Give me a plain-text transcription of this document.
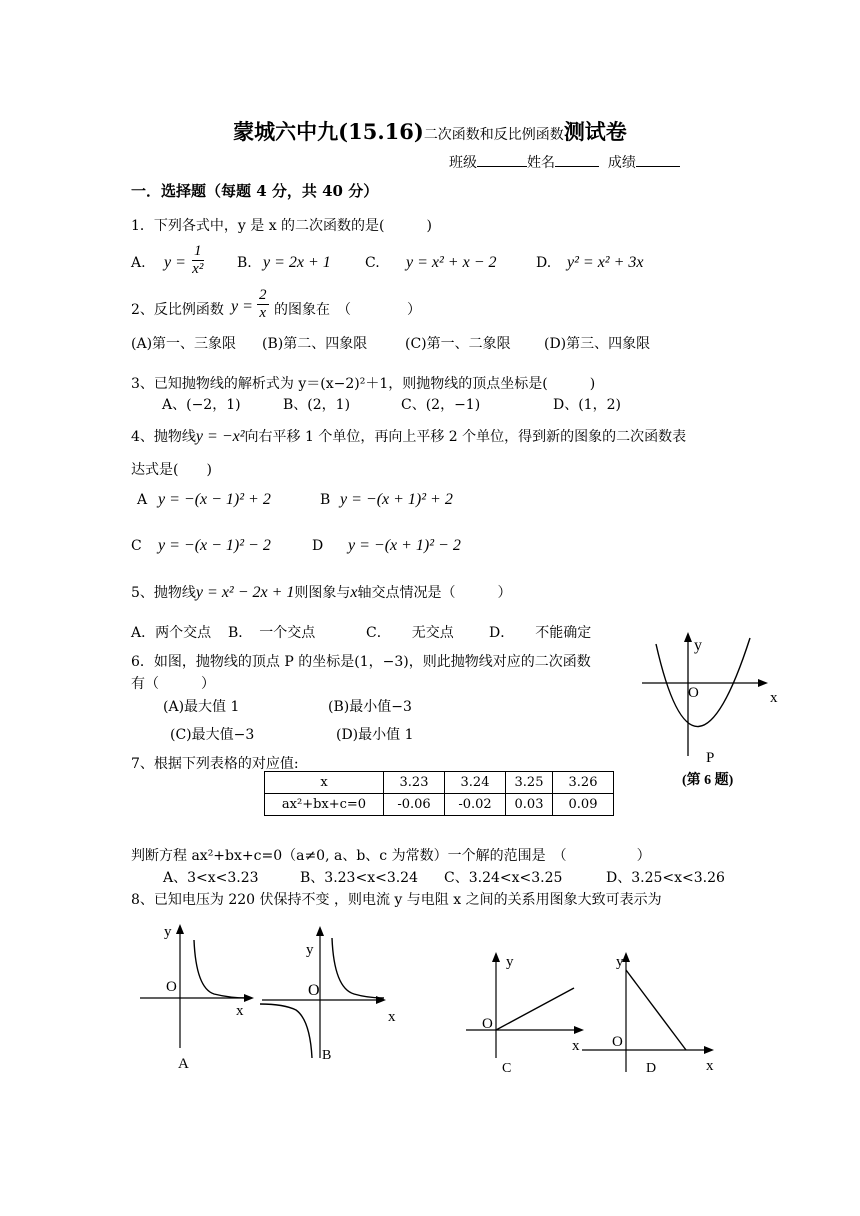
蒙城六中九(15.16)二次函数和反比例函数测试卷
班级	姓名	成绩
一．选择题（每题 4 分，共 40 分）
1．下列各式中，y 是 x 的二次函数的是(　　　)
A. $y = \frac{1}{\text{x²}} B$. y = 2x + 1 C. y = x² + x − 2	D. y² = x² + 3x
2、反比例函数 $y = \frac{2}{x}$ 的图象在　（　　　　）
(A)第一、三象限 (B)第二、四象限	(C)第一、二象限 (D)第三、四象限
3、已知抛物线的解析式为 y＝(x−2)²＋1，则抛物线的顶点坐标是(　　　)
A、(−2，1)	B、(2，1)	C、(2，−1)	D、(1，2)
4、抛物线y = −x²向右平移 1 个单位，再向上平移 2 个单位，得到新的图象的二次函数表
达式是(　　)
A y = −(x − 1)² + 2	B y = −(x + 1)² + 2
C y = −(x − 1)² − 2	D y = −(x + 1)² − 2
5、抛物线y = x² − 2x + 1则图象与x轴交点情况是（　　　）
A．两个交点 B．　一个交点	C．　　无交点	D．　　不能确定
6．如图，抛物线的顶点 P 的坐标是(1，−3)，则此抛物线对应的二次函数
有（　　　）
(A)最大值 1	(B)最小值−3
(C)最大值−3	(D)最小值 1
y
x
O
P
(第 6 题)
7、根据下列表格的对应值:
x	3.23	3.24	3.25	3.26
ax²+bx+c=0	-0.06	-0.02	0.03	0.09
判断方程 ax²+bx+c=0（a≠0, a、b、c 为常数）一个解的范围是　（　　　　　）
A、3<x<3.23	B、3.23<x<3.24 C、3.24<x<3.25	D、3.25<x<3.26
8、已知电压为 220 伏保持不变 ，则电流 y 与电阻 x 之间的关系用图象大致可表示为
y
O
x
A
y
O
x
B
y
O
x
C
y
O
x
D
